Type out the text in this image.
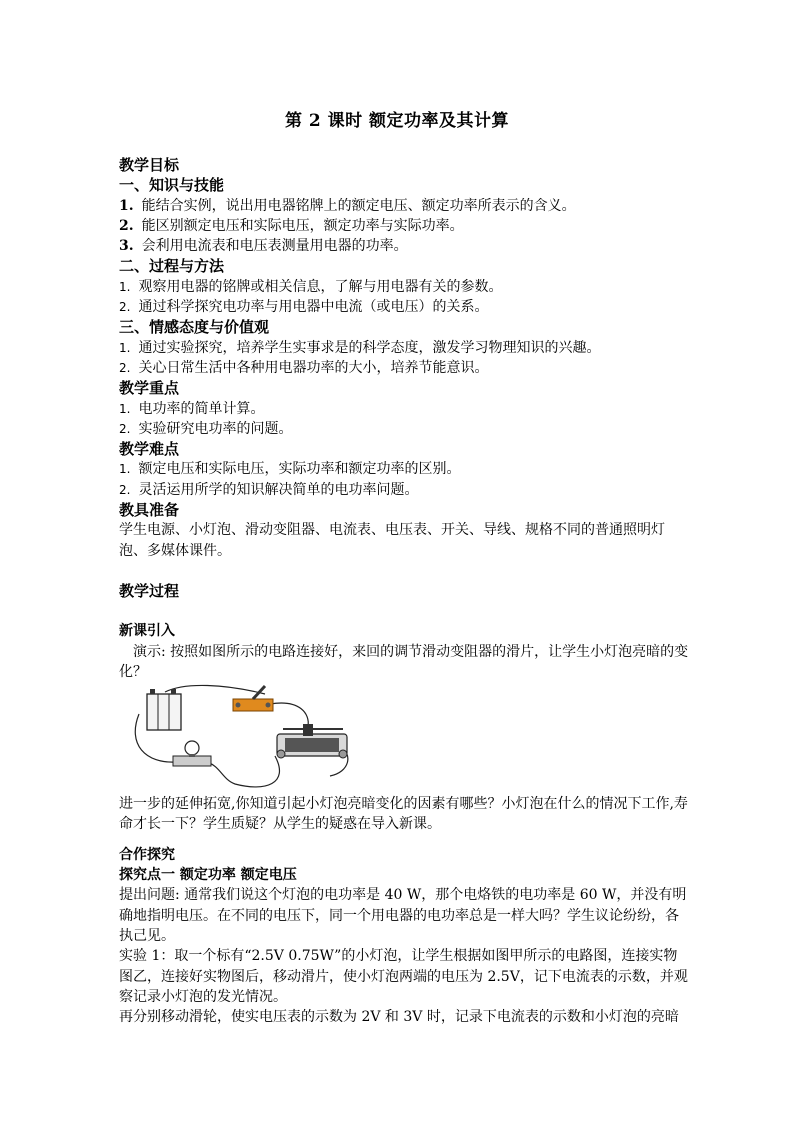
第 2 课时 额定功率及其计算

教学目标

一、知识与技能

1. 能结合实例，说出用电器铭牌上的额定电压、额定功率所表示的含义。

2. 能区别额定电压和实际电压，额定功率与实际功率。

3. 会利用电流表和电压表测量用电器的功率。

二、过程与方法

1. 观察用电器的铭牌或相关信息，了解与用电器有关的参数。

2. 通过科学探究电功率与用电器中电流（或电压）的关系。

三、情感态度与价值观

1. 通过实验探究，培养学生实事求是的科学态度，激发学习物理知识的兴趣。

2. 关心日常生活中各种用电器功率的大小，培养节能意识。

教学重点

1. 电功率的简单计算。

2. 实验研究电功率的问题。

教学难点

1. 额定电压和实际电压，实际功率和额定功率的区别。

2. 灵活运用所学的知识解决简单的电功率问题。

教具准备

学生电源、小灯泡、滑动变阻器、电流表、电压表、开关、导线、规格不同的普通照明灯泡、多媒体课件。

教学过程

新课引入

演示: 按照如图所示的电路连接好，来回的调节滑动变阻器的滑片，让学生小灯泡亮暗的变化？

进一步的延伸拓宽,你知道引起小灯泡亮暗变化的因素有哪些？小灯泡在什么的情况下工作,寿命才长一下？学生质疑？从学生的疑惑在导入新课。

合作探究

探究点一 额定功率 额定电压

提出问题: 通常我们说这个灯泡的电功率是 40 W，那个电烙铁的电功率是 60 W，并没有明确地指明电压。在不同的电压下，同一个用电器的电功率总是一样大吗？学生议论纷纷，各执己见。

实验 1：取一个标有“2.5V 0.75W”的小灯泡，让学生根据如图甲所示的电路图，连接实物图乙，连接好实物图后，移动滑片，使小灯泡两端的电压为 2.5V，记下电流表的示数，并观察记录小灯泡的发光情况。

再分别移动滑轮，使实电压表的示数为 2V 和 3V 时，记录下电流表的示数和小灯泡的亮暗
